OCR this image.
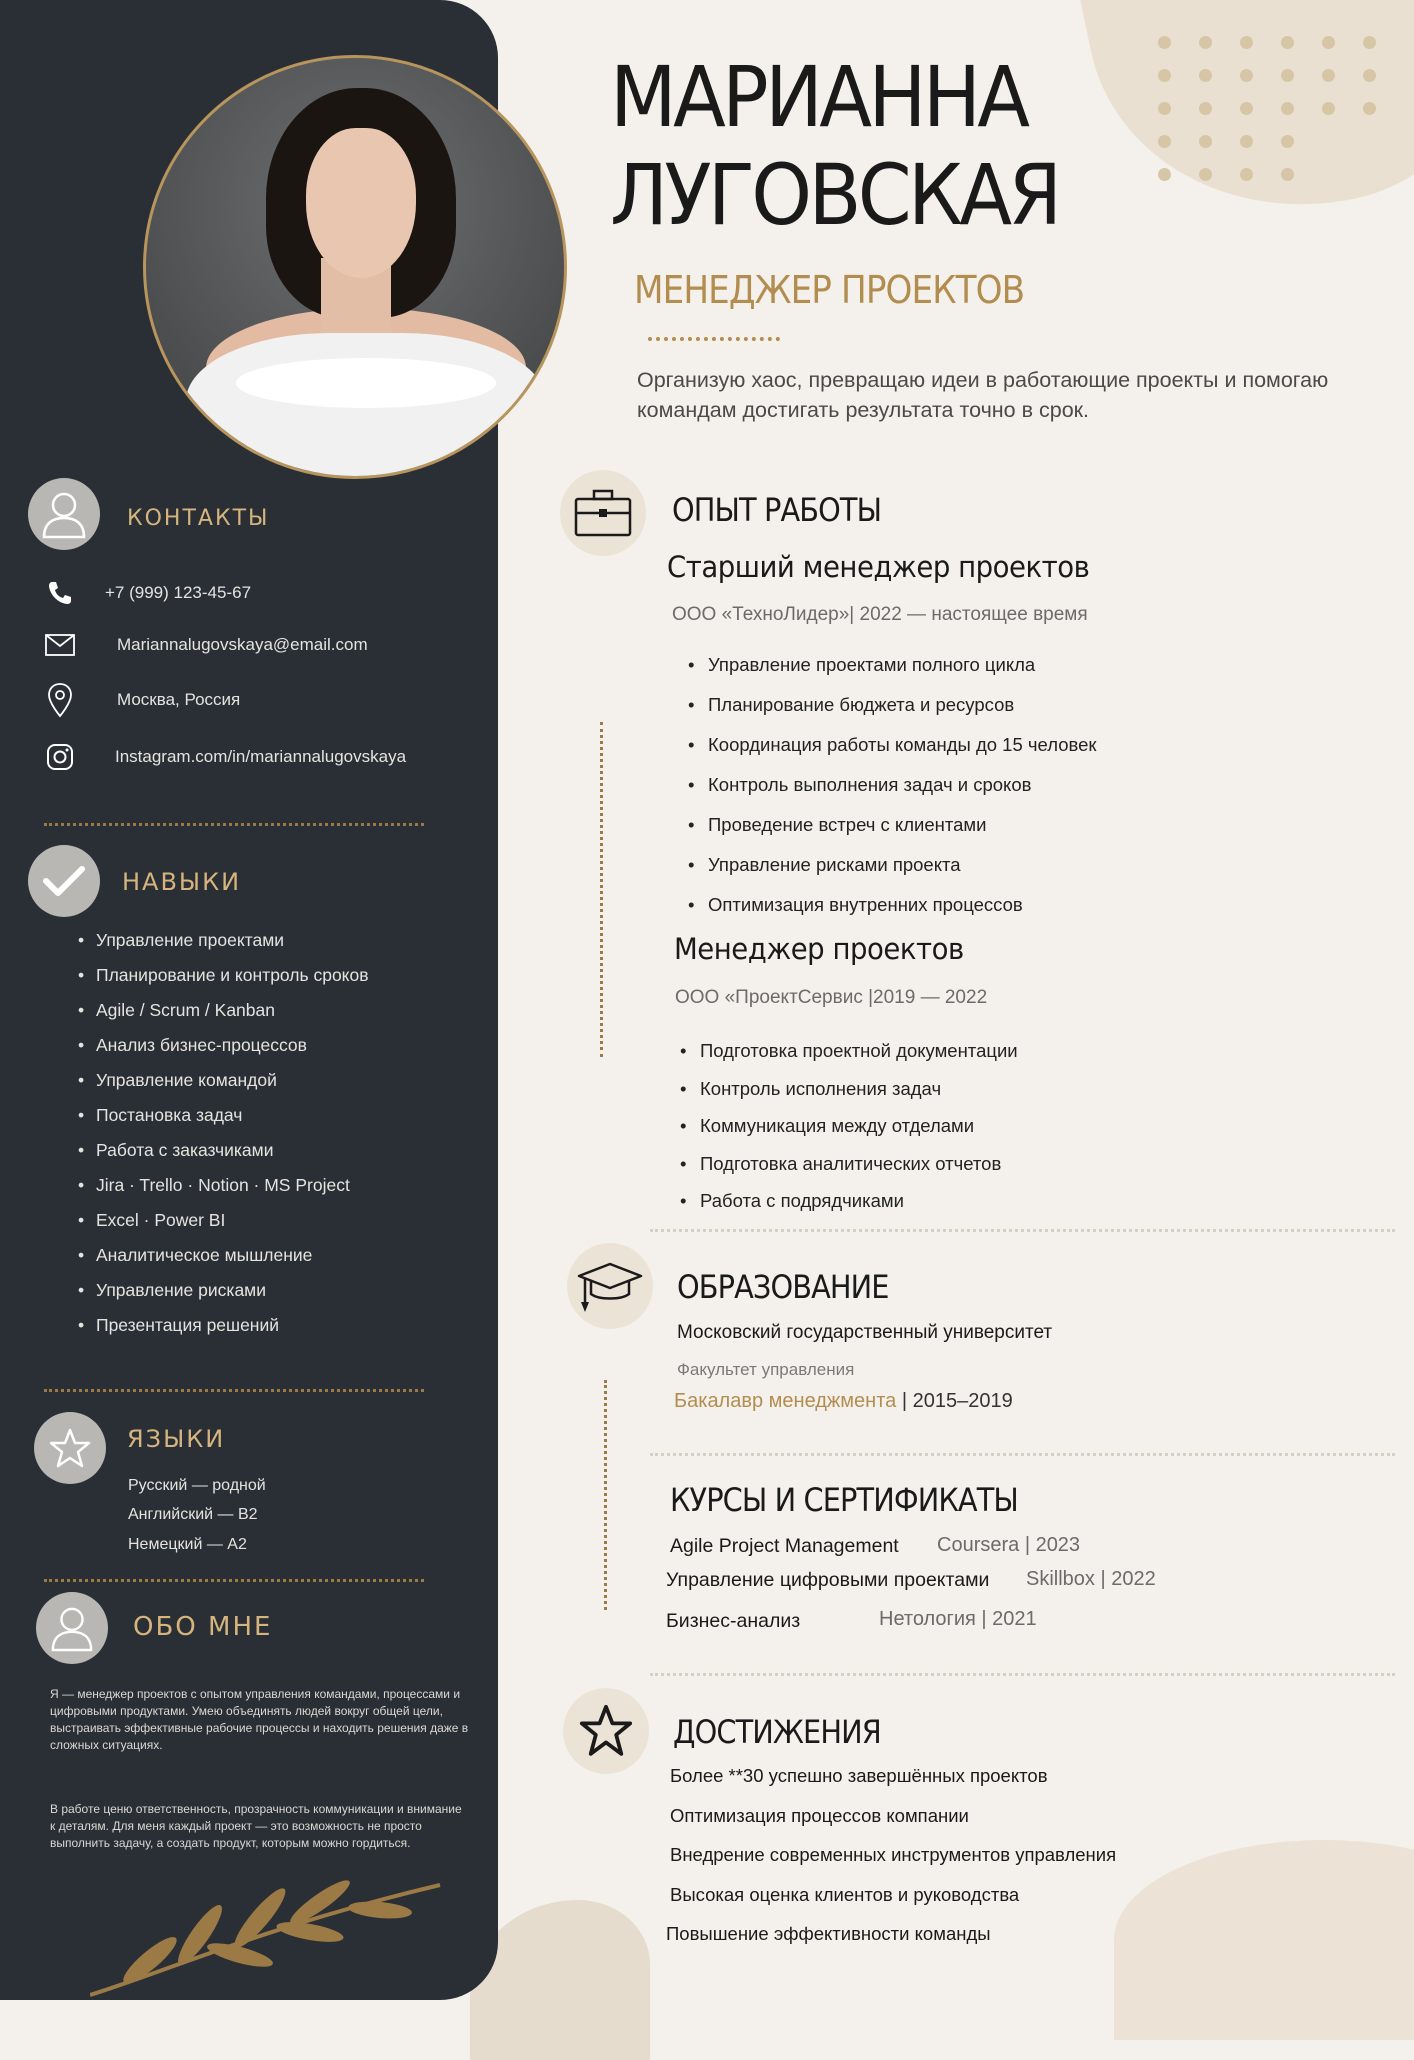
КОНТАКТЫ
+7 (999) 123-45-67
Mariannalugovskaya@email.com
Москва, Россия
Instagram.com/in/mariannalugovskaya
НАВЫКИ
• Управление проектами
• Планирование и контроль сроков
• Agile / Scrum / Kanban
• Анализ бизнес-процессов
• Управление командой
• Постановка задач
• Работа с заказчиками
• Jira · Trello · Notion · MS Project
• Excel · Power BI
• Аналитическое мышление
• Управление рисками
• Презентация решений
ЯЗЫКИ
Русский — родной
Английский — B2
Немецкий — A2
ОБО МНЕ
Я — менеджер проектов с опытом управления командами, процессами и цифровыми продуктами. Умею объединять людей вокруг общей цели, выстраивать эффективные рабочие процессы и находить решения даже в сложных ситуациях.
В работе ценю ответственность, прозрачность коммуникации и внимание к деталям. Для меня каждый проект — это возможность не просто выполнить задачу, а создать продукт, которым можно гордиться.
МАРИАННА
ЛУГОВСКАЯ
МЕНЕДЖЕР ПРОЕКТОВ
Организую хаос, превращаю идеи в работающие проекты и помогаю командам достигать результата точно в срок.
ОПЫТ РАБОТЫ
Старший менеджер проектов
ООО «ТехноЛидер»| 2022 — настоящее время
• Управление проектами полного цикла
• Планирование бюджета и ресурсов
• Координация работы команды до 15 человек
• Контроль выполнения задач и сроков
• Проведение встреч с клиентами
• Управление рисками проекта
• Оптимизация внутренних процессов
Менеджер проектов
ООО «ПроектСервис |2019 — 2022
• Подготовка проектной документации
• Контроль исполнения задач
• Коммуникация между отделами
• Подготовка аналитических отчетов
• Работа с подрядчиками
ОБРАЗОВАНИЕ
Московский государственный университет
Факультет управления
Бакалавр менеджмента | 2015–2019
КУРСЫ И СЕРТИФИКАТЫ
Agile Project Management Coursera | 2023
Управление цифровыми проектами Skillbox | 2022
Бизнес-анализ	Нетология | 2021
ДОСТИЖЕНИЯ
Более **30 успешно завершённых проектов
Оптимизация процессов компании
Внедрение современных инструментов управления
Высокая оценка клиентов и руководства
Повышение эффективности команды
